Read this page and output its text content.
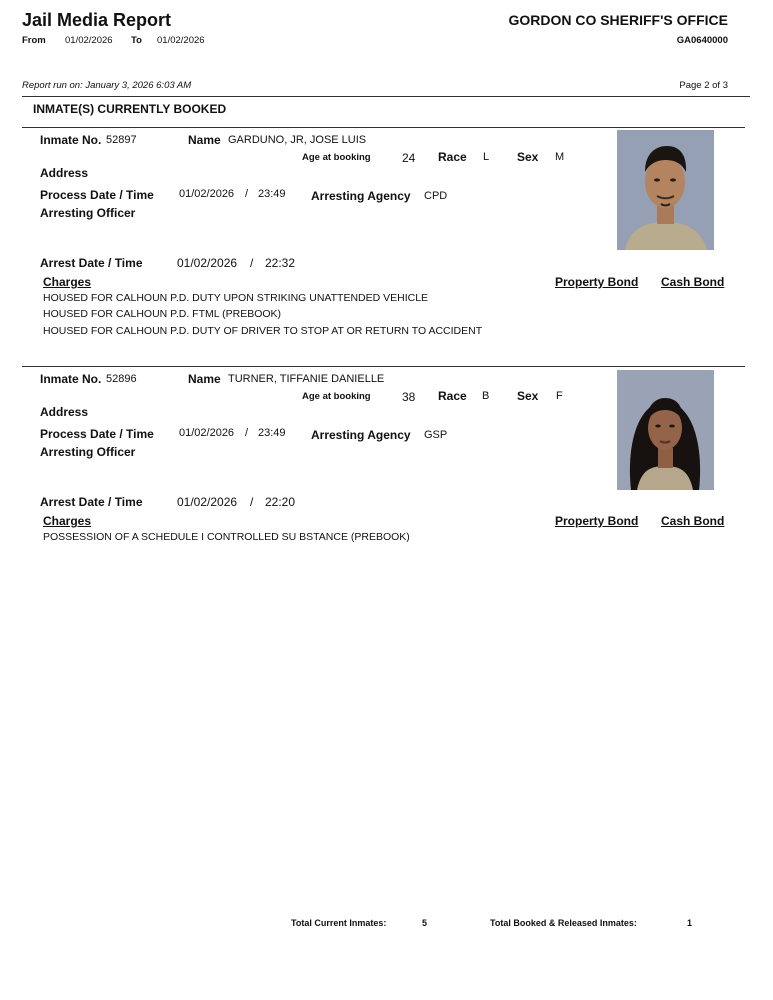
Jail Media Report
From 01/02/2026 To 01/02/2026
GORDON CO SHERIFF'S OFFICE
GA0640000
Report run on: January 3, 2026 6:03 AM	Page 2 of 3
INMATE(S) CURRENTLY BOOKED
Inmate No. 52897	Name GARDUNO, JR, JOSE LUIS
Age at booking	24 Race L Sex M
Address
Process Date / Time 01/02/2026 / 23:49 Arresting Agency CPD
Arresting Officer
Arrest Date / Time	01/02/2026 / 22:32
Charges	Property Bond Cash Bond
HOUSED FOR CALHOUN P.D. DUTY UPON STRIKING UNATTENDED VEHICLE
HOUSED FOR CALHOUN P.D. FTML (PREBOOK)
HOUSED FOR CALHOUN P.D. DUTY OF DRIVER TO STOP AT OR RETURN TO ACCIDENT
Inmate No. 52896	Name TURNER, TIFFANIE DANIELLE
Age at booking	38 Race B Sex F
Address
Process Date / Time 01/02/2026 / 23:49 Arresting Agency GSP
Arresting Officer
Arrest Date / Time	01/02/2026 / 22:20
Charges	Property Bond Cash Bond
POSSESSION OF A SCHEDULE I CONTROLLED SU BSTANCE (PREBOOK)
Total Current Inmates:	5	Total Booked & Released Inmates:	1
